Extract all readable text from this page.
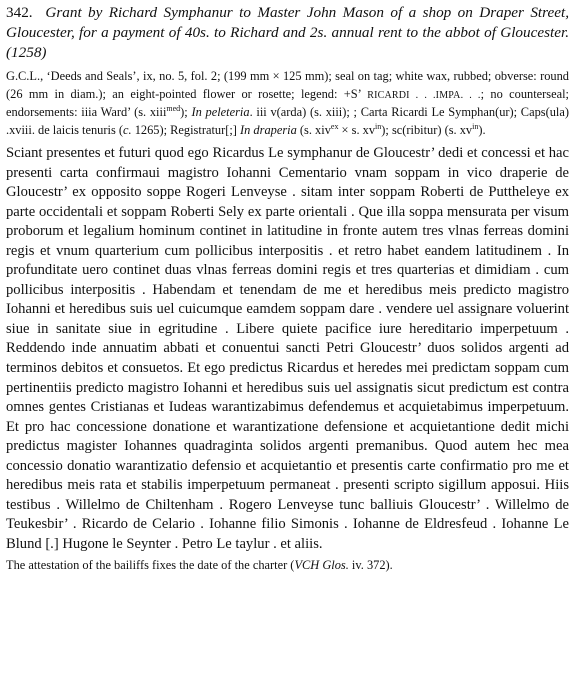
342. Grant by Richard Symphanur to Master John Mason of a shop on Draper Street, Gloucester, for a payment of 40s. to Richard and 2s. annual rent to the abbot of Gloucester. (1258)

G.C.L., ‘Deeds and Seals’, ix, no. 5, fol. 2; (199 mm × 125 mm); seal on tag; white wax, rubbed; obverse: round (26 mm in diam.); an eight-pointed flower or rosette; legend: +S’ RICARDI . . .IMPA. . .; no counterseal; endorsements: iiia Ward’ (s. xiii$^{med}$); In peleteria. iii v(arda) (s. xiii); ; Carta Ricardi Le Symphan(ur); Caps(ula) .xviii. de laicis tenuris (c. 1265); Registratur[;] In draperia (s. xiv$^{ex}$ × s. $xv^{in}$); sc(ribitur) (s. $xv^{in}$).

Sciant presentes et futuri quod ego Ricardus Le symphanur de Gloucestr’ dedi et concessi et hac presenti carta confirmaui magistro Iohanni Cementario vnam soppam in vico draperie de Gloucestr’ ex opposito soppe Rogeri Lenveyse . sitam inter soppam Roberti de Puttheleye ex parte occidentali et soppam Roberti Sely ex parte orientali . Que illa soppa mensurata per visum proborum et legalium hominum continet in latitudine in fronte autem tres vlnas ferreas domini regis et vnum quarterium cum pollicibus interpositis . et retro habet eandem latitudinem . In profunditate uero continet duas vlnas ferreas domini regis et tres quarterias et dimidiam . cum pollicibus interpositis . Habendam et tenendam de me et heredibus meis predicto magistro Iohanni et heredibus suis uel cuicumque eamdem soppam dare . vendere uel assignare voluerint siue in sanitate siue in egritudine . Libere quiete pacifice iure hereditario imperpetuum . Reddendo inde annuatim abbati et conuentui sancti Petri Gloucestr’ duos solidos argenti ad terminos debitos et consuetos. Et ego predictus Ricardus et heredes mei predictam soppam cum pertinentiis predicto magistro Iohanni et heredibus suis uel assignatis sicut predictum est contra omnes gentes Cristianas et Iudeas warantizabimus defendemus et acquietabimus imperpetuum. Et pro hac concessione donatione et warantizatione defensione et acquietantione dedit michi predictus magister Iohannes quadraginta solidos argenti premanibus. Quod autem hec mea concessio donatio warantizatio defensio et acquietantio et presentis carte confirmatio pro me et heredibus meis rata et stabilis imperpetuum permaneat . presenti scripto sigillum apposui. Hiis testibus . Willelmo de Chiltenham . Rogero Lenveyse tunc balliuis Gloucestr’ . Willelmo de Teukesbir’ . Ricardo de Celario . Iohanne filio Simonis . Iohanne de Eldresfeud . Iohanne Le Blund [.] Hugone le Seynter . Petro Le taylur . et aliis.

The attestation of the bailiffs fixes the date of the charter (VCH Glos. iv. 372).
